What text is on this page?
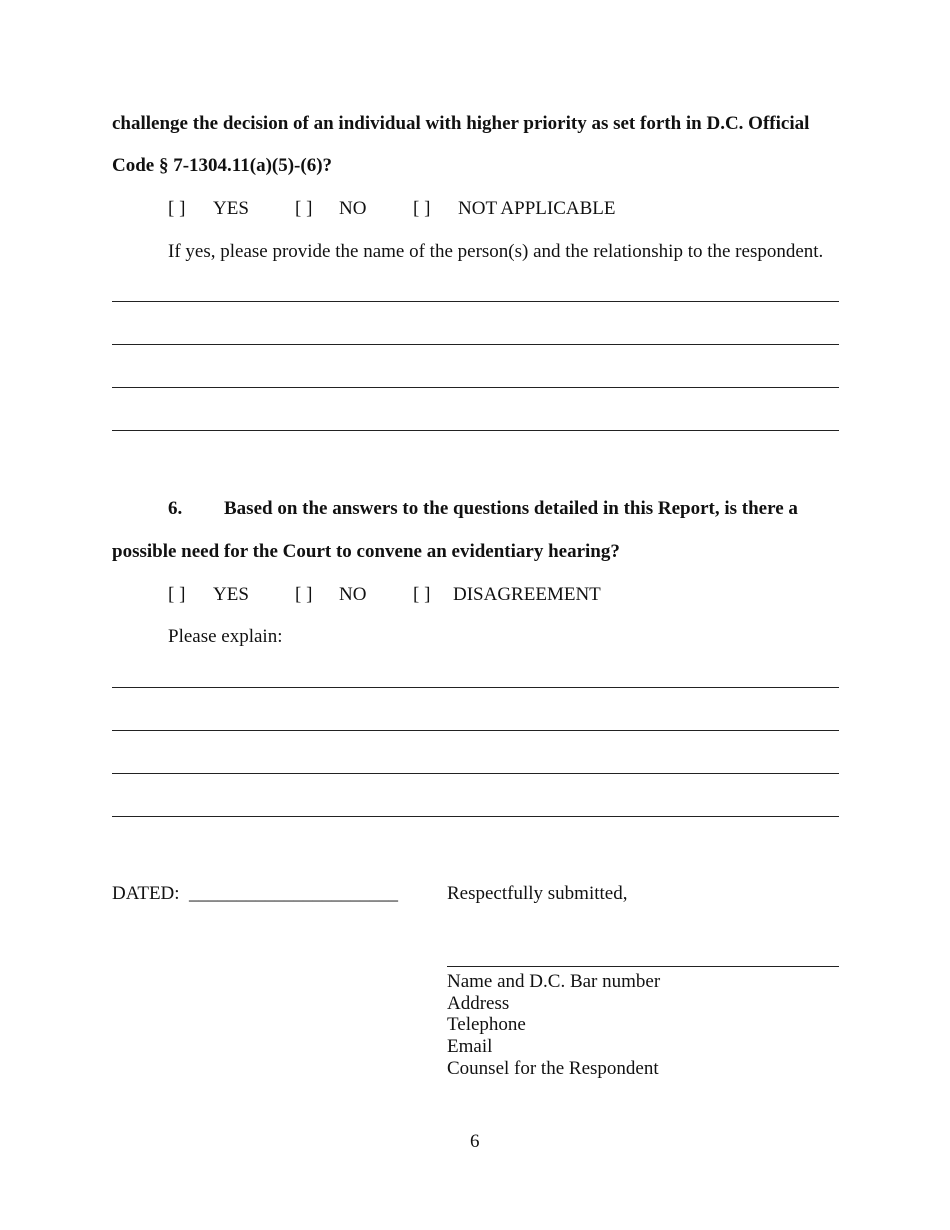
challenge the decision of an individual with higher priority as set forth in D.C. Official
Code § 7-1304.11(a)(5)-(6)?
[ ] YES [ ] NO [ ] NOT APPLICABLE
If yes, please provide the name of the person(s) and the relationship to the respondent.
6. Based on the answers to the questions detailed in this Report, is there a
possible need for the Court to convene an evidentiary hearing?
[ ] YES [ ] NO [ ] DISAGREEMENT
Please explain:
DATED: ______________________	Respectfully submitted,
Name and D.C. Bar number
Address
Telephone
Email
Counsel for the Respondent
6
